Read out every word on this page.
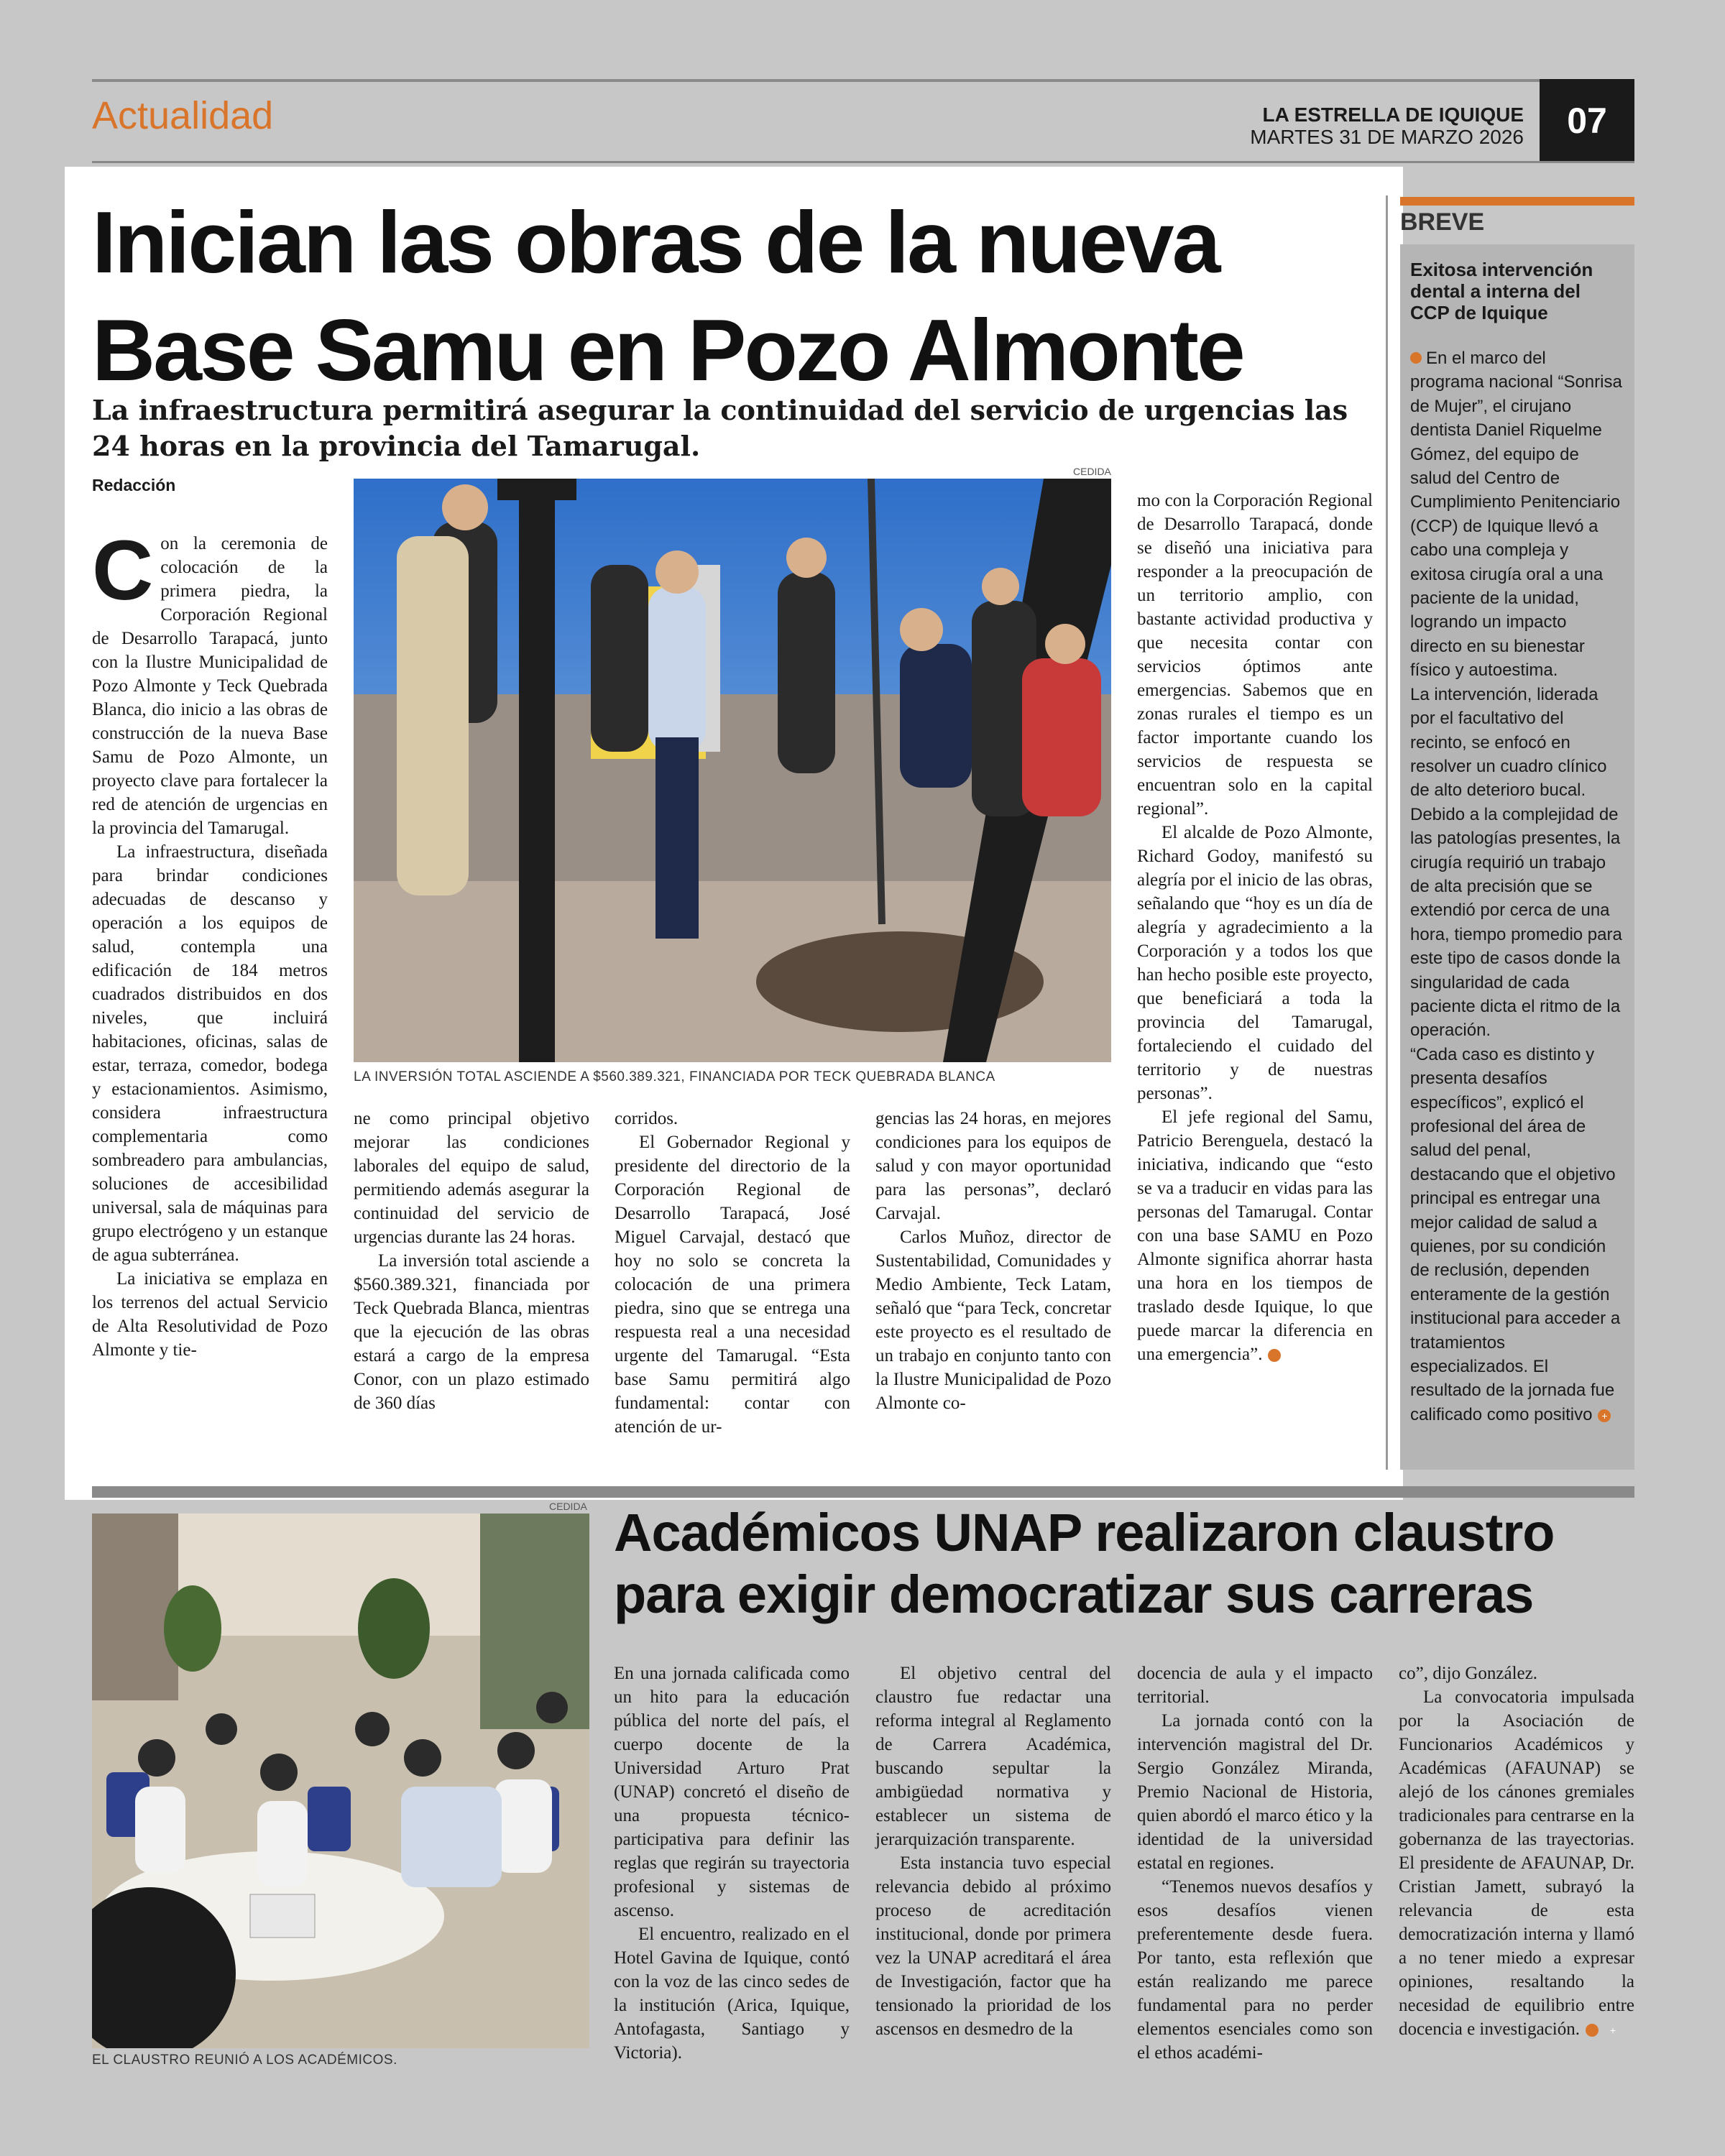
Actualidad	LA ESTRELLA DE IQUIQUE
MARTES 31 DE MARZO 2026	07
Inician las obras de la nueva
Base Samu en Pozo Almonte
La infraestructura permitirá asegurar la continuidad del servicio de urgencias las 24 horas en la provincia del Tamarugal.
Redacción
C on la ceremonia de colocación de la primera piedra, la Corporación Regional de Desarrollo Tarapacá, junto con la Ilustre Municipalidad de Pozo Almonte y Teck Quebrada Blanca, dio inicio a las obras de construcción de la nueva Base Samu de Pozo Almonte, un proyecto clave para fortalecer la red de atención de urgencias en la provincia del Tamarugal.

La infraestructura, diseñada para brindar condiciones adecuadas de descanso y operación a los equipos de salud, contempla una edificación de 184 metros cuadrados distribuidos en dos niveles, que incluirá habitaciones, oficinas, salas de estar, terraza, comedor, bodega y estacionamientos. Asimismo, considera infraestructura complementaria como sombreadero para ambulancias, soluciones de accesibilidad universal, sala de máquinas para grupo electrógeno y un estanque de agua subterránea.

La iniciativa se emplaza en los terrenos del actual Servicio de Alta Resolutividad de Pozo Almonte y tie-

CEDIDA
LA INVERSIÓN TOTAL ASCIENDE A $560.389.321, FINANCIADA POR TECK QUEBRADA BLANCA

ne como principal objetivo mejorar las condiciones laborales del equipo de salud, permitiendo además asegurar la continuidad del servicio de urgencias durante las 24 horas.

La inversión total asciende a $560.389.321, financiada por Teck Quebrada Blanca, mientras que la ejecución de las obras estará a cargo de la empresa Conor, con un plazo estimado de 360 días

corridos.

El Gobernador Regional y presidente del directorio de la Corporación Regional de Desarrollo Tarapacá, José Miguel Carvajal, destacó que hoy no solo se concreta la colocación de una primera piedra, sino que se entrega una respuesta real a una necesidad urgente del Tamarugal. “Esta base Samu permitirá algo fundamental: contar con atención de ur-

gencias las 24 horas, en mejores condiciones para los equipos de salud y con mayor oportunidad para las personas”, declaró Carvajal.

Carlos Muñoz, director de Sustentabilidad, Comunidades y Medio Ambiente, Teck Latam, señaló que “para Teck, concretar este proyecto es el resultado de un trabajo en conjunto tanto con la Ilustre Municipalidad de Pozo Almonte co-

mo con la Corporación Regional de Desarrollo Tarapacá, donde se diseñó una iniciativa para responder a la preocupación de un territorio amplio, con bastante actividad productiva y que necesita contar con servicios óptimos ante emergencias. Sabemos que en zonas rurales el tiempo es un factor importante cuando los servicios de respuesta se encuentran solo en la capital regional”.

El alcalde de Pozo Almonte, Richard Godoy, manifestó su alegría por el inicio de las obras, señalando que “hoy es un día de alegría y agradecimiento a la Corporación y a todos los que han hecho posible este proyecto, que beneficiará a toda la provincia del Tamarugal, fortaleciendo el cuidado del territorio y de nuestras personas”.

El jefe regional del Samu, Patricio Berenguela, destacó la iniciativa, indicando que “esto se va a traducir en vidas para las personas del Tamarugal. Contar con una base SAMU en Pozo Almonte significa ahorrar hasta una hora en los tiempos de traslado desde Iquique, lo que puede marcar la diferencia en una emergencia”.	+

BREVE
Exitosa intervención dental a interna del CCP de Iquique

En el marco del programa nacional “Sonrisa de Mujer”, el cirujano dentista Daniel Riquelme Gómez, del equipo de salud del Centro de Cumplimiento Penitenciario (CCP) de Iquique llevó a cabo una compleja y exitosa cirugía oral a una paciente de la unidad, logrando un impacto directo en su bienestar físico y autoestima.

La intervención, liderada por el facultativo del recinto, se enfocó en resolver un cuadro clínico de alto deterioro bucal. Debido a la complejidad de las patologías presentes, la cirugía requirió un trabajo de alta precisión que se extendió por cerca de una hora, tiempo promedio para este tipo de casos donde la singularidad de cada paciente dicta el ritmo de la operación.

“Cada caso es distinto y presenta desafíos específicos”, explicó el profesional del área de salud del penal, destacando que el objetivo principal es entregar una mejor calidad de salud a quienes, por su condición de reclusión, dependen enteramente de la gestión institucional para acceder a tratamientos especializados. El resultado de la jornada fue calificado como positivo +

CEDIDA
EL CLAUSTRO REUNIÓ A LOS ACADÉMICOS.
Académicos UNAP realizaron claustro
para exigir democratizar sus carreras

En una jornada calificada como un hito para la educación pública del norte del país, el cuerpo docente de la Universidad Arturo Prat (UNAP) concretó el diseño de una propuesta técnico-participativa para definir las reglas que regirán su trayectoria profesional y sistemas de ascenso.

El encuentro, realizado en el Hotel Gavina de Iquique, contó con la voz de las cinco sedes de la institución (Arica, Iquique, Antofagasta, Santiago y Victoria).

El objetivo central del claustro fue redactar una reforma integral al Reglamento de Carrera Académica, buscando sepultar la ambigüedad normativa y establecer un sistema de jerarquización transparente.

Esta instancia tuvo especial relevancia debido al próximo proceso de acreditación institucional, donde por primera vez la UNAP acreditará el área de Investigación, factor que ha tensionado la prioridad de los ascensos en desmedro de la

docencia de aula y el impacto territorial.

La jornada contó con la intervención magistral del Dr. Sergio González Miranda, Premio Nacional de Historia, quien abordó el marco ético y la identidad de la universidad estatal en regiones.

“Tenemos nuevos desafíos y esos desafíos vienen preferentemente desde fuera. Por tanto, esta reflexión que están realizando me parece fundamental para no perder elementos esenciales como son el ethos académi-

co”, dijo González.

La convocatoria impulsada por la Asociación de Funcionarios Académicos y Académicas (AFAUNAP) se alejó de los cánones gremiales tradicionales para centrarse en la gobernanza de las trayectorias. El presidente de AFAUNAP, Dr. Cristian Jamett, subrayó la relevancia de esta democratización interna y llamó a no tener miedo a expresar opiniones, resaltando la necesidad de equilibrio entre docencia e investigación.	+
